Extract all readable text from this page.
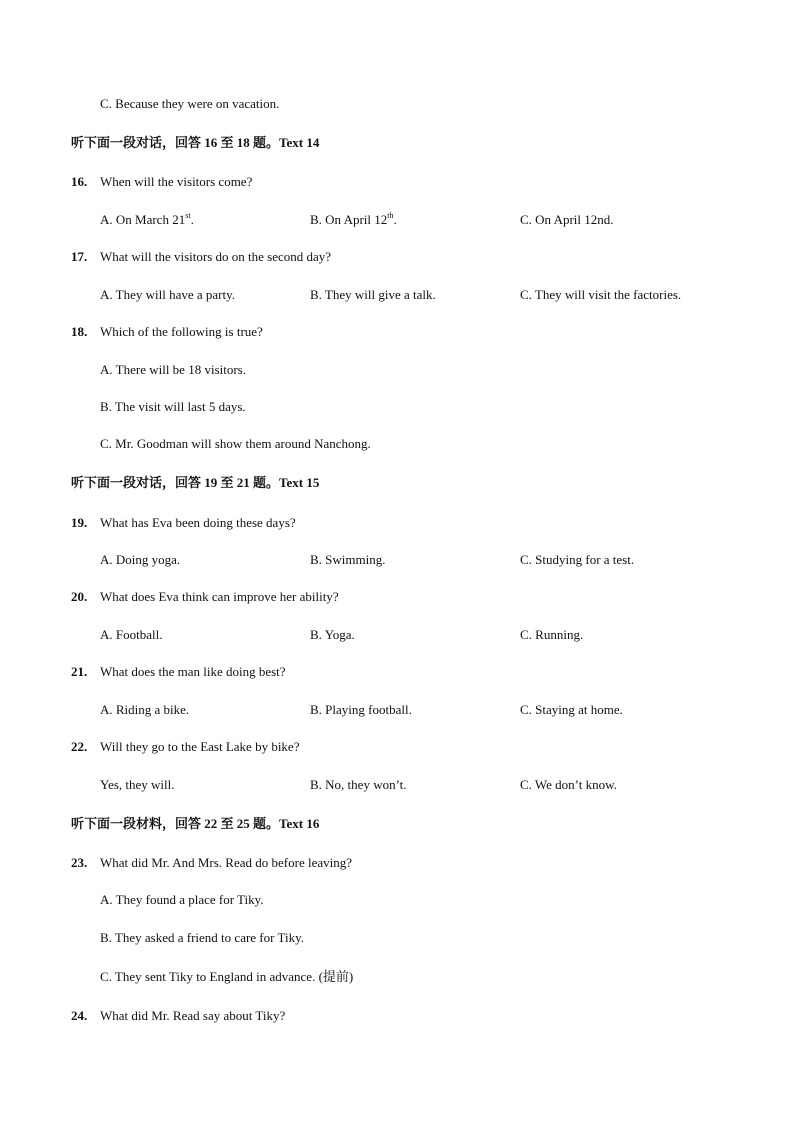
C. Because they were on vacation.
听下面一段对话，回答 16 至 18 题。Text 14
16. When will the visitors come?
A. On March 21st.	B. On April 12th.	C. On April 12nd.
17. What will the visitors do on the second day?
A. They will have a party.	B. They will give a talk.	C. They will visit the factories.
18. Which of the following is true?
A. There will be 18 visitors.
B. The visit will last 5 days.
C. Mr. Goodman will show them around Nanchong.
听下面一段对话，回答 19 至 21 题。Text 15
19. What has Eva been doing these days?
A. Doing yoga.	B. Swimming.	C. Studying for a test.
20. What does Eva think can improve her ability?
A. Football.	B. Yoga.	C. Running.
21. What does the man like doing best?
A. Riding a bike.	B. Playing football.	C. Staying at home.
22. Will they go to the East Lake by bike?
Yes, they will.	B. No, they won’t.	C. We don’t know.
听下面一段材料，回答 22 至 25 题。Text 16
23. What did Mr. And Mrs. Read do before leaving?
A. They found a place for Tiky.
B. They asked a friend to care for Tiky.
C. They sent Tiky to England in advance. (提前)
24. What did Mr. Read say about Tiky?
